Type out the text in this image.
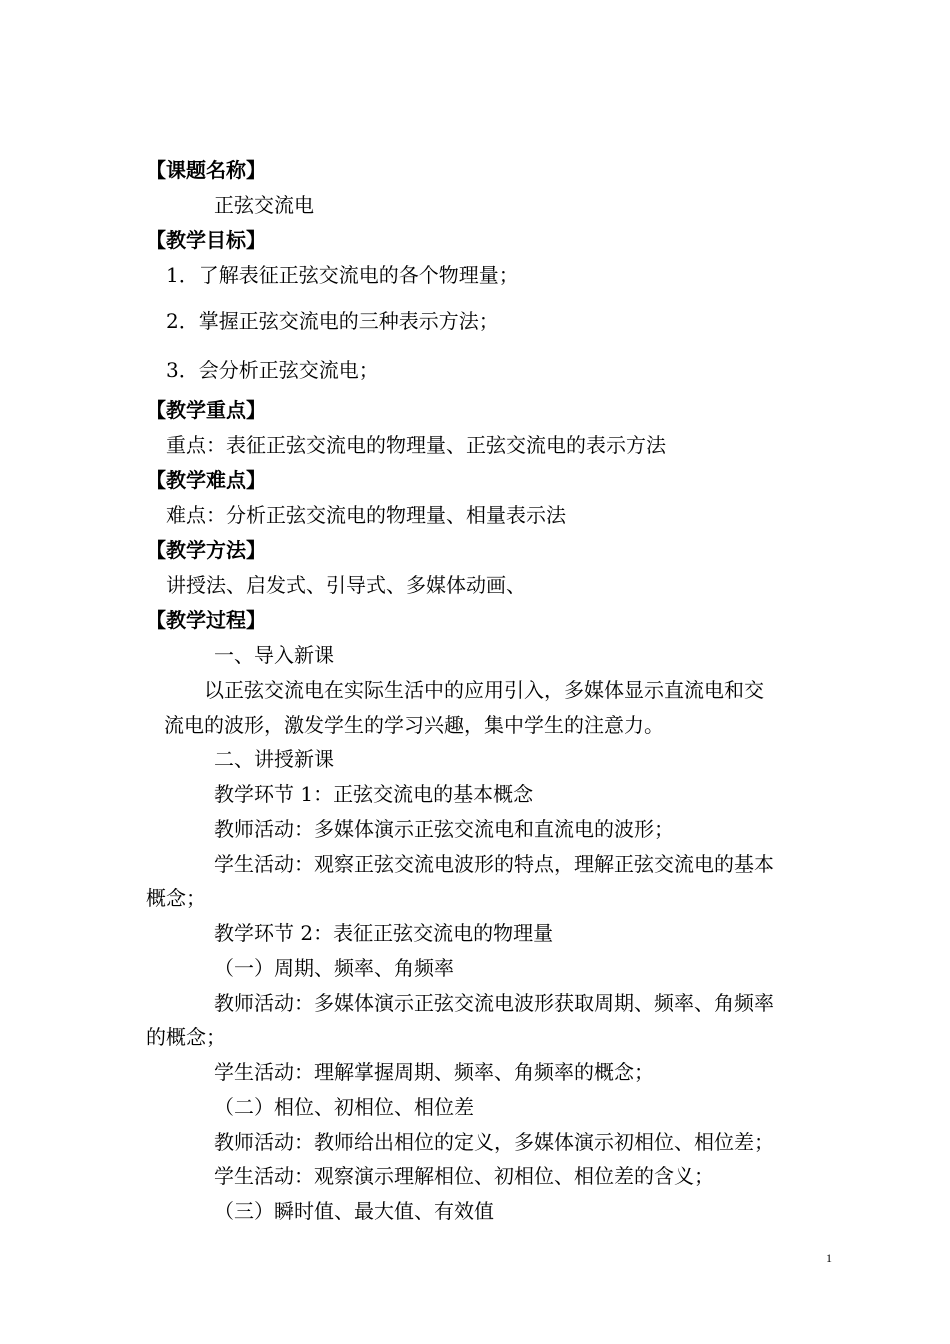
【课题名称】
正弦交流电
【教学目标】
1．了解表征正弦交流电的各个物理量；
2．掌握正弦交流电的三种表示方法；
3．会分析正弦交流电；
【教学重点】
重点：表征正弦交流电的物理量、正弦交流电的表示方法
【教学难点】
难点：分析正弦交流电的物理量、相量表示法
【教学方法】
讲授法、启发式、引导式、多媒体动画、
【教学过程】
一、导入新课
以正弦交流电在实际生活中的应用引入，多媒体显示直流电和交
流电的波形，激发学生的学习兴趣，集中学生的注意力。
二、讲授新课
教学环节 1：正弦交流电的基本概念
教师活动：多媒体演示正弦交流电和直流电的波形；
学生活动：观察正弦交流电波形的特点，理解正弦交流电的基本
概念；
教学环节 2：表征正弦交流电的物理量
（一）周期、频率、角频率
教师活动：多媒体演示正弦交流电波形获取周期、频率、角频率
的概念；
学生活动：理解掌握周期、频率、角频率的概念；
（二）相位、初相位、相位差
教师活动：教师给出相位的定义，多媒体演示初相位、相位差；
学生活动：观察演示理解相位、初相位、相位差的含义；
（三）瞬时值、最大值、有效值
1
